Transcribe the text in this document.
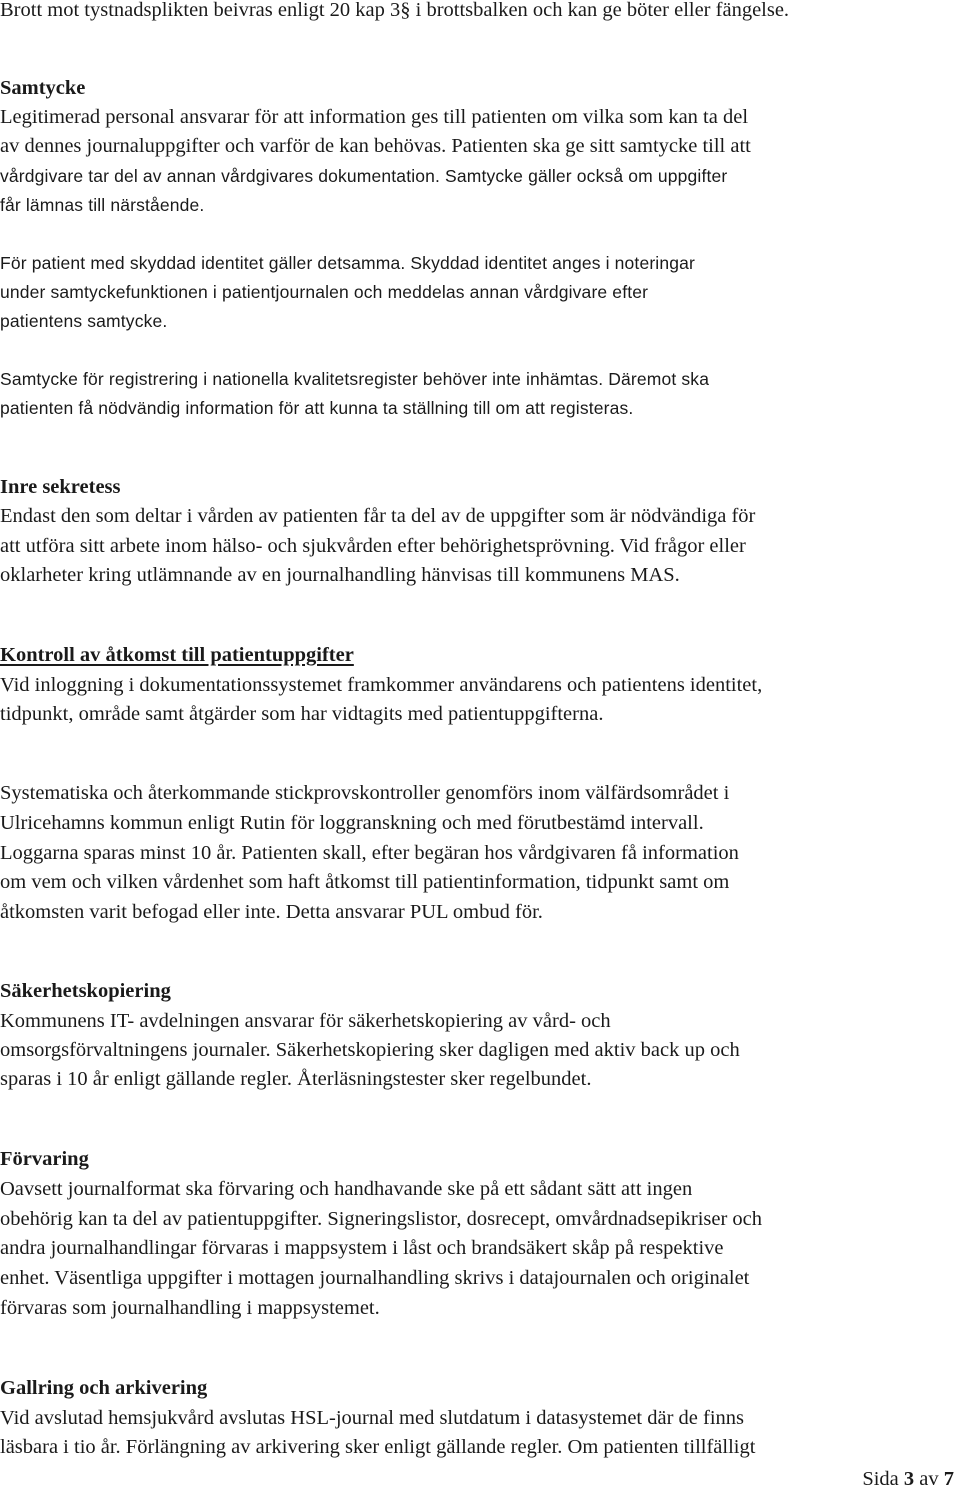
Brott mot tystnadsplikten beivras enligt 20 kap 3§ i brottsbalken och kan ge böter eller fängelse.

Samtycke

Legitimerad personal ansvarar för att information ges till patienten om vilka som kan ta del

av dennes journaluppgifter och varför de kan behövas. Patienten ska ge sitt samtycke till att

vårdgivare tar del av annan vårdgivares dokumentation. Samtycke gäller också om uppgifter

får lämnas till närstående.

För patient med skyddad identitet gäller detsamma. Skyddad identitet anges i noteringar

under samtyckefunktionen i patientjournalen och meddelas annan vårdgivare efter

patientens samtycke.

Samtycke för registrering i nationella kvalitetsregister behöver inte inhämtas. Däremot ska

patienten få nödvändig information för att kunna ta ställning till om att registeras.

Inre sekretess

Endast den som deltar i vården av patienten får ta del av de uppgifter som är nödvändiga för

att utföra sitt arbete inom hälso- och sjukvården efter behörighetsprövning. Vid frågor eller

oklarheter kring utlämnande av en journalhandling hänvisas till kommunens MAS.

Kontroll av åtkomst till patientuppgifter

Vid inloggning i dokumentationssystemet framkommer användarens och patientens identitet,

tidpunkt, område samt åtgärder som har vidtagits med patientuppgifterna.

Systematiska och återkommande stickprovskontroller genomförs inom välfärdsområdet i

Ulricehamns kommun enligt Rutin för loggranskning och med förutbestämd intervall.

Loggarna sparas minst 10 år. Patienten skall, efter begäran hos vårdgivaren få information

om vem och vilken vårdenhet som haft åtkomst till patientinformation, tidpunkt samt om

åtkomsten varit befogad eller inte. Detta ansvarar PUL ombud för.

Säkerhetskopiering

Kommunens IT- avdelningen ansvarar för säkerhetskopiering av vård- och

omsorgsförvaltningens journaler. Säkerhetskopiering sker dagligen med aktiv back up och

sparas i 10 år enligt gällande regler. Återläsningstester sker regelbundet.

Förvaring

Oavsett journalformat ska förvaring och handhavande ske på ett sådant sätt att ingen

obehörig kan ta del av patientuppgifter. Signeringslistor, dosrecept, omvårdnadsepikriser och

andra journalhandlingar förvaras i mappsystem i låst och brandsäkert skåp på respektive

enhet. Väsentliga uppgifter i mottagen journalhandling skrivs i datajournalen och originalet

förvaras som journalhandling i mappsystemet.

Gallring och arkivering

Vid avslutad hemsjukvård avslutas HSL-journal med slutdatum i datasystemet där de finns

läsbara i tio år. Förlängning av arkivering sker enligt gällande regler. Om patienten tillfälligt

Sida 3 av 7
